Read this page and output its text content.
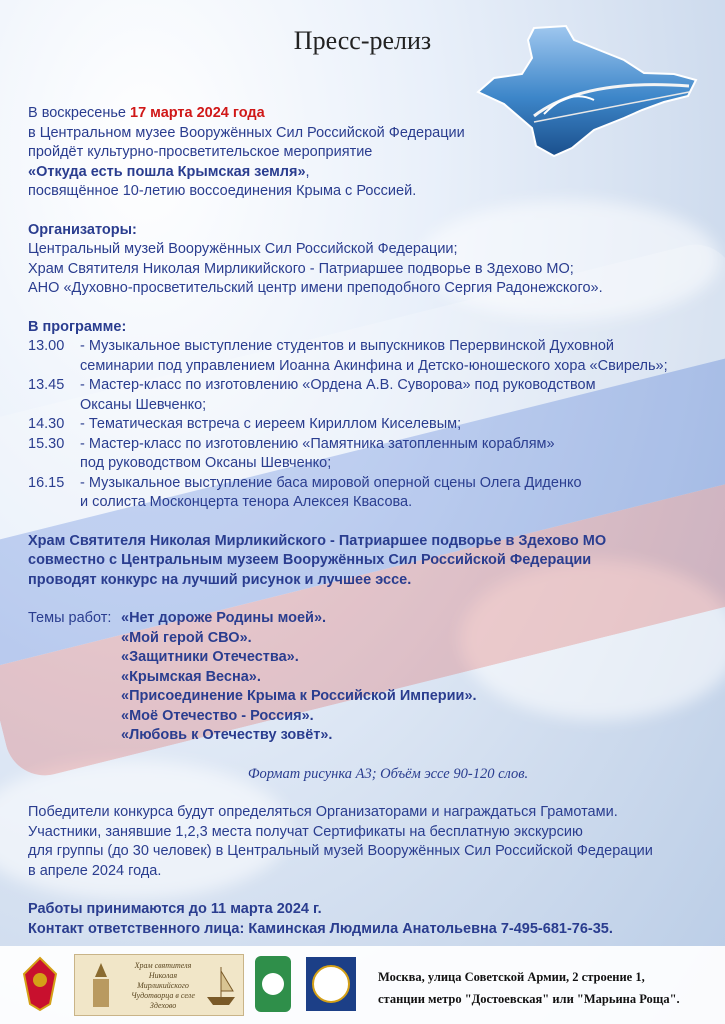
Пресс-релиз

В воскресенье 17 марта 2024 года

в Центральном музее Вооружённых Сил Российской Федерации

пройдёт культурно-просветительское мероприятие

«Откуда есть пошла Крымская земля»,

посвящённое 10-летию воссоединения Крыма с Россией.

Организаторы:

Центральный музей Вооружённых Сил Российской Федерации;

Храм Святителя Николая Мирликийского - Патриаршее подворье в Здехово МО;

АНО «Духовно-просветительский центр имени преподобного Сергия Радонежского».

В программе:

13.00	- Музыкальное выступление студентов и выпускников Перервинской Духовной
семинарии под управлением Иоанна Акинфина и Детско-юношеского хора «Свирель»;
13.45	- Мастер-класс по изготовлению «Ордена А.В. Суворова» под руководством
Оксаны Шевченко;
14.30	- Тематическая встреча с иереем Кириллом Киселевым;
15.30	- Мастер-класс по изготовлению «Памятника затопленным кораблям»
под руководством Оксаны Шевченко;
16.15	- Музыкальное выступление баса мировой оперной сцены Олега Диденко
и солиста Москонцерта тенора Алексея Квасова.

Храм Святителя Николая Мирликийского - Патриаршее подворье в Здехово МО

совместно с Центральным музеем Вооружённых Сил Российской Федерации

проводят конкурс на лучший рисунок и лучшее эссе.

Темы работ: «Нет дороже Родины моей».
«Мой герой СВО».
«Защитники Отечества».
«Крымская Весна».
«Присоединение Крыма к Российской Империи».
«Моё Отечество - Россия».
«Любовь к Отечеству зовёт».

Формат рисунка А3; Объём эссе 90-120 слов.

Победители конкурса будут определяться Организаторами и награждаться Грамотами.

Участники, занявшие 1,2,3 места получат Сертификаты на бесплатную экскурсию

для группы (до 30 человек) в Центральный музей Вооружённых Сил Российской Федерации

в апреле 2024 года.

Работы принимаются до 11 марта 2024 г.

Контакт ответственного лица: Каминская Людмила Анатольевна 7-495-681-76-35.

Храм святителя Николая Мирликийского Чудотворца в селе Здехово
Москва, улица Советской Армии, 2 строение 1,
станции метро "Достоевская" или "Марьина Роща".
